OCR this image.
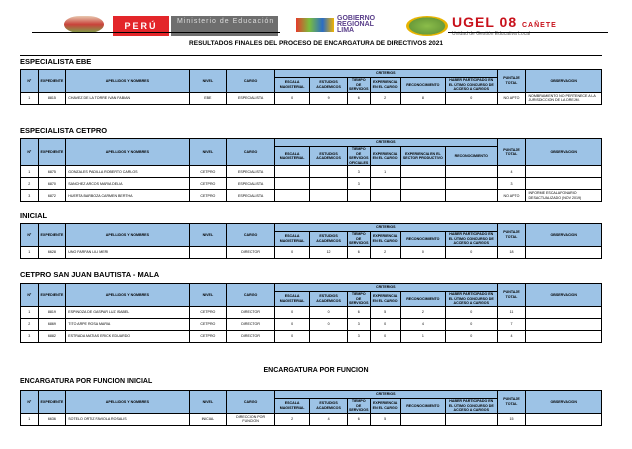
PERÚ	Ministerio de Educación	GOBIERNO REGIONAL LIMA
UGEL 08 CAÑETE
Unidad de Gestión Educativa Local
RESULTADOS FINALES DEL PROCESO DE ENCARGATURA DE DIRECTIVOS 2021
ESPECIALISTA EBE
Nº	EXPEDIENTE	APELLIDOS Y NOMBRES	NIVEL	CARGO	CRITERIOS						PUNTAJE TOTAL	OBSERVACION
					ESCALA MAGISTERIAL	ESTUDIOS ACADEMICOS	TIEMPO DE SERVICIOS	EXPERIENCIA EN EL CARGO	RECONOCIMIENTO	HABER PARTICIPADO EN EL ÚTIMO CONCURSO DE ACCESO A CARGOS		
1	8815	CHAVEZ DE LA TORRE IVAN FABIAN	EBE	ESPECIALISTA	0	9	6	2	8	0	NO APTO	NOMBRAMIENTO NO PERTENECE A LA JURISDICCION DE LA DREJM.
ESPECIALISTA CETPRO
Nº	EXPEDIENTE	APELLIDOS Y NOMBRES	NIVEL	CARGO	CRITERIOS						PUNTAJE TOTAL	OBSERVACION
					ESCALA MAGISTERIAL	ESTUDIOS ACADEMICOS	TIEMPO DE SERVICIOS OFICIALES	EXPERIENCIA EN EL CARGO	EXPERIENCIA EN EL SECTOR PRODUCTIVO	RECONOCIMIENTO		
1	6875	GONZALES PADILLA ROBERTO CARLOS	CETPRO	ESPECIALISTA			3	1			4	
2	6870	SANCHEZ ARCOS MARIA DELIA	CETPRO	ESPECIALISTA			3				3	
3	6872	HUERTA BARBOZA CARMEN BERTHA	CETPRO	ESPECIALISTA							NO APTO	INFORME ESCALAFONARIO DESACTUALIZADO (NOV 2019)
INICIAL
Nº	EXPEDIENTE	APELLIDOS Y NOMBRES	NIVEL	CARGO	CRITERIOS						PUNTAJE TOTAL	OBSERVACION
					ESCALA MAGISTERIAL	ESTUDIOS ACADEMICOS	TIEMPO DE SERVICIOS	EXPERIENCIA EN EL CARGO	RECONOCIMIENTO	HABER PARTICIPADO EN EL ÚTIMO CONCURSO DE ACCESO A CARGOS		
1	6628	UNO FARFAN LILI MERI		DIRECTOR	0	12	6	2	0	0	18	
CETPRO SAN JUAN BAUTISTA - MALA
Nº	EXPEDIENTE	APELLIDOS Y NOMBRES	NIVEL	CARGO	CRITERIOS						PUNTAJE TOTAL	OBSERVACION
					ESCALA MAGISTERIAL	ESTUDIOS ACADEMICOS	TIEMPO DE SERVICIOS	EXPERIENCIA EN EL CARGO	RECONOCIMIENTO	HABER PARTICIPADO EN EL ÚTIMO CONCURSO DE ACCESO A CARGOS		
1	8819	ESPINOZA DE GASPAR LUZ ISABEL	CETPRO	DIRECTOR	0	0	6	5	2	0	11	
2	6869	TITO ARPE ROSA MARIA	CETPRO	DIRECTOR	0	0	3	0	4	0	7	
3	6882	ESTRADA MATIAS ERICK EDUARDO	CETPRO	DIRECTOR	0		3	0	1	0	4	
ENCARGATURA POR FUNCION
ENCARGATURA POR FUNCION INICIAL
Nº	EXPEDIENTE	APELLIDOS Y NOMBRES	NIVEL	CARGO	CRITERIOS						PUNTAJE TOTAL	OBSERVACION
					ESCALA MAGISTERIAL	ESTUDIOS ACADEMICOS	TIEMPO DE SERVICIOS	EXPERIENCIA EN EL CARGO	RECONOCIMIENTO	HABER PARTICIPADO EN EL ÚTIMO CONCURSO DE ACCESO A CARGOS		
1	6636	SOTELO ORTIZ FAVIOLA ROSALIS	INICIAL	DIRECCION POR FUNCION	2	4	6	5			15	
